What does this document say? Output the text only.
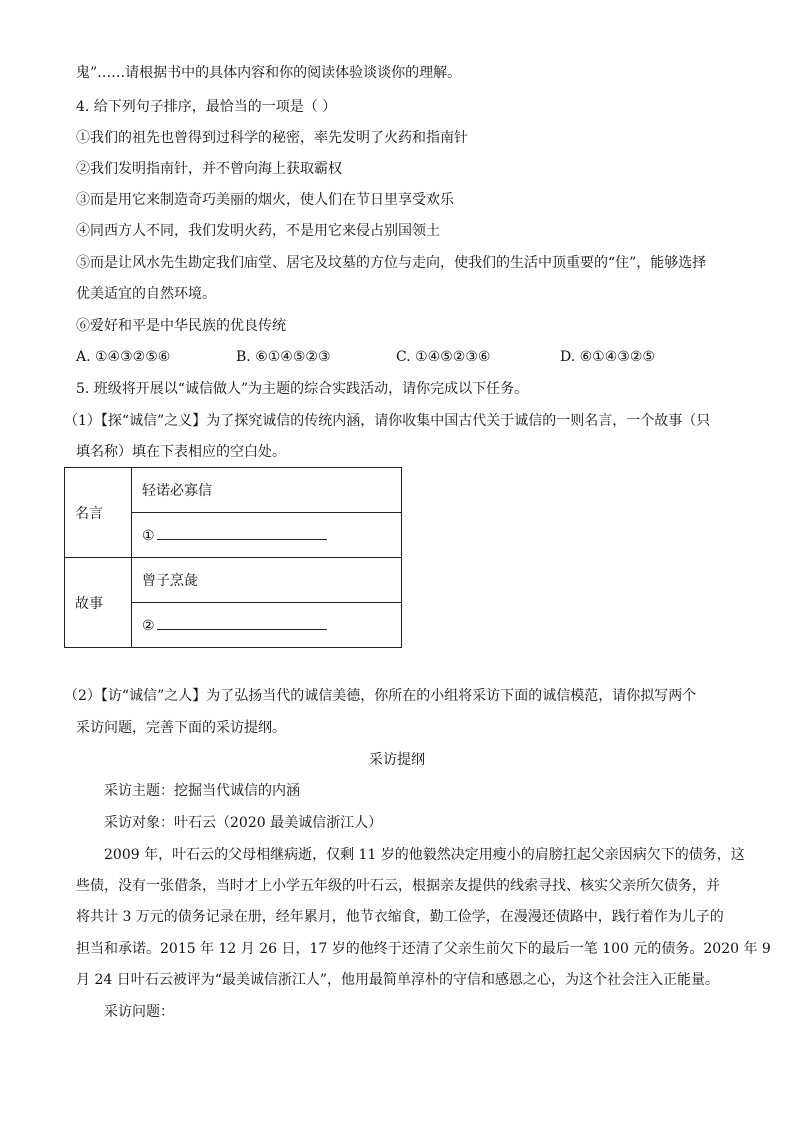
鬼”……请根据书中的具体内容和你的阅读体验谈谈你的理解。
4. 给下列句子排序，最恰当的一项是（ ）
①我们的祖先也曾得到过科学的秘密，率先发明了火药和指南针
②我们发明指南针，并不曾向海上获取霸权
③而是用它来制造奇巧美丽的烟火，使人们在节日里享受欢乐
④同西方人不同，我们发明火药，不是用它来侵占别国领土
⑤而是让风水先生勘定我们庙堂、居宅及坟墓的方位与走向，使我们的生活中顶重要的“住”，能够选择
优美适宜的自然环境。
⑥爱好和平是中华民族的优良传统
A. ①④③②⑤⑥	B. ⑥①④⑤②③	C. ①④⑤②③⑥	D. ⑥①④③②⑤
5. 班级将开展以“诚信做人”为主题的综合实践活动，请你完成以下任务。
（1）【探“诚信”之义】为了探究诚信的传统内涵，请你收集中国古代关于诚信的一则名言，一个故事（只
填名称）填在下表相应的空白处。
名言	轻诺必寡信
	①
故事	曾子烹彘
	②
（2）【访“诚信”之人】为了弘扬当代的诚信美德，你所在的小组将采访下面的诚信模范，请你拟写两个
采访问题，完善下面的采访提纲。
采访提纲
采访主题：挖掘当代诚信的内涵
采访对象：叶石云（2020 最美诚信浙江人）
2009 年，叶石云的父母相继病逝，仅剩 11 岁的他毅然决定用瘦小的肩膀扛起父亲因病欠下的债务，这
些债，没有一张借条，当时才上小学五年级的叶石云，根据亲友提供的线索寻找、核实父亲所欠债务，并
将共计 3 万元的债务记录在册，经年累月，他节衣缩食，勤工俭学，在漫漫还债路中，践行着作为儿子的
担当和承诺。2015 年 12 月 26 日，17 岁的他终于还清了父亲生前欠下的最后一笔 100 元的债务。2020 年 9
月 24 日叶石云被评为“最美诚信浙江人”，他用最简单淳朴的守信和感恩之心，为这个社会注入正能量。
采访问题：
